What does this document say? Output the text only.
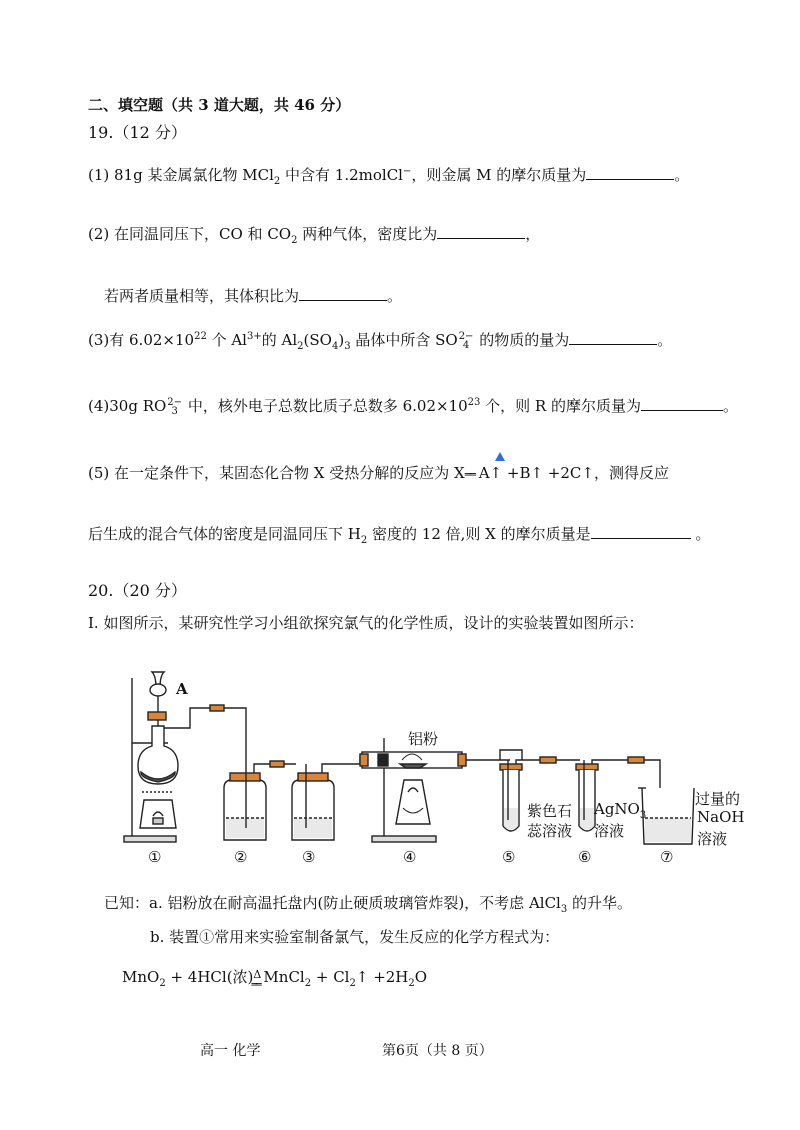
二、填空题（共 3 道大题，共 46 分）
19.（12 分）
(1) 81g 某金属氯化物 MCl$_2$ 中含有 1.2molCl−，则金属 M 的摩尔质量为	。
(2) 在同温同压下，CO 和 $CO_2$ 两种气体，密度比为	，
若两者质量相等，其体积比为	。
(3)有 $6.02\times 10^{22}$ 个 $Al^{3+}$的 $Al_2(SO_4)_3$ 晶体中所含 SO2−
4 的物质的量为	。
(4)30g RO2−
3 中，核外电子总数比质子总数多 $6.02\times 10^{23}$ 个，则 R 的摩尔质量为	。
(5) 在一定条件下，某固态化合物 X 受热分解的反应为 X══ A↑ +B↑ +2C↑，测得反应
后生成的混合气体的密度是同温同压下 $H_2$ 密度的 12 倍,则 X 的摩尔质量是	。
20.（20 分）
I. 如图所示，某研究性学习小组欲探究氯气的化学性质，设计的实验装置如图所示：
A
铝粉
紫色石
蕊溶液
AgNO$_3$
溶液
过量的
NaOH
溶液
①	②	③	④	⑤	⑥	⑦
已知：a. 铝粉放在耐高温托盘内(防止硬质玻璃管炸裂)，不考虑 AlCl$_3$ 的升华。
b. 装置①常用来实验室制备氯气，发生反应的化学方程式为：
MnO$_2$ + 4HCl(浓) Δ
══ MnCl$_2$ + $Cl_2↑ +2H_2O$
高一 化学	第6页（共 8 页）
